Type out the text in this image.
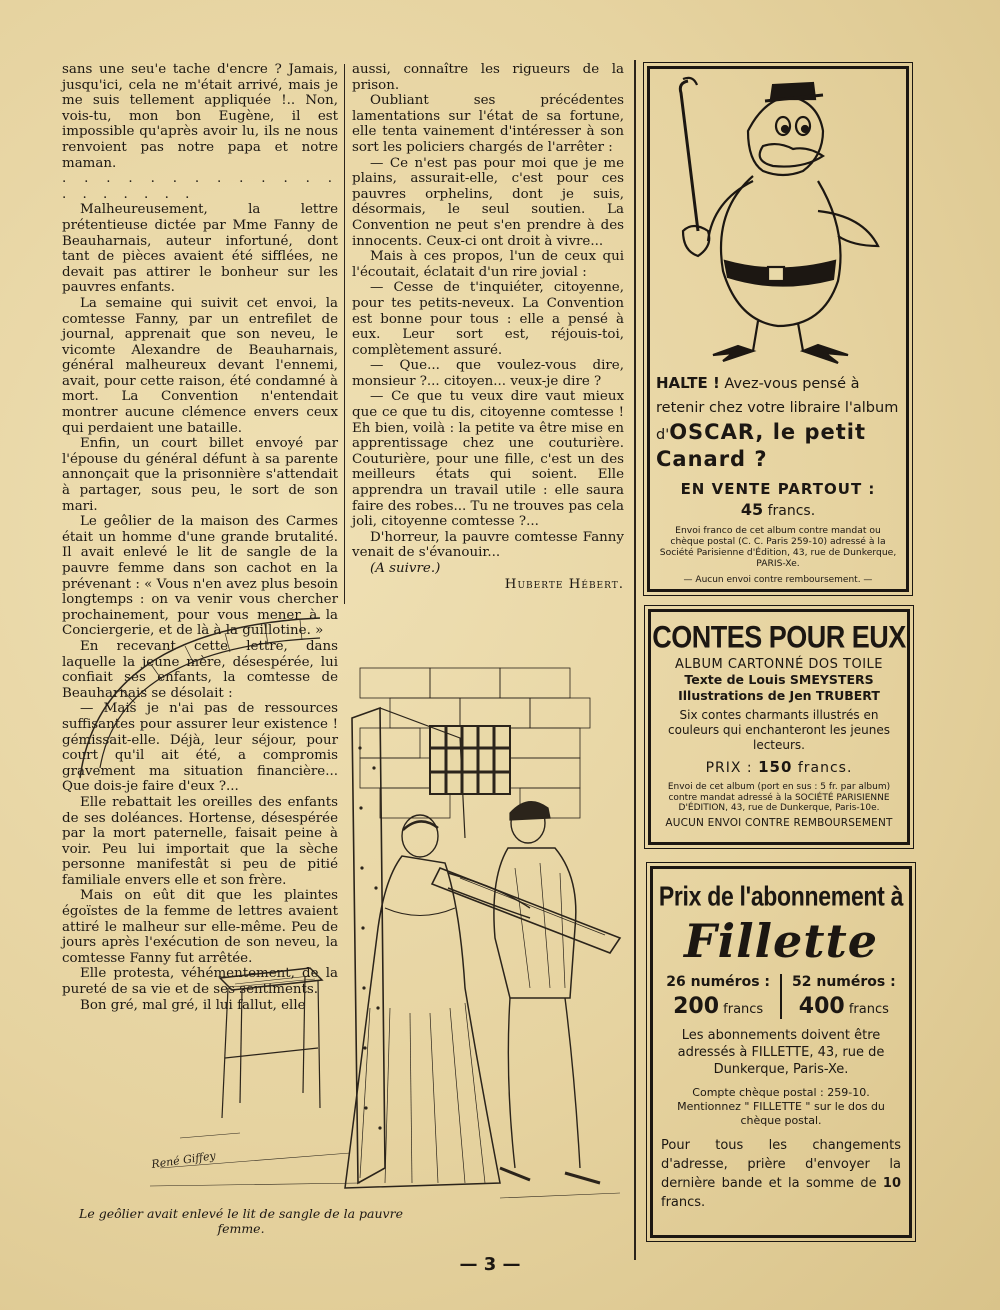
sans une seu'e tache d'encre ? Jamais, jusqu'ici, cela ne m'était arrivé, mais je me suis tellement appliquée !.. Non, vois-tu, mon bon Eugène, il est impossible qu'après avoir lu, ils ne nous renvoient pas notre papa et notre maman.

. . . . . . . . . . . . . . . . . . . .

Malheureusement, la lettre prétentieuse dictée par Mme Fanny de Beauharnais, auteur infortuné, dont tant de pièces avaient été sifflées, ne devait pas attirer le bonheur sur les pauvres enfants.

La semaine qui suivit cet envoi, la comtesse Fanny, par un entrefilet de journal, apprenait que son neveu, le vicomte Alexandre de Beauharnais, général malheureux devant l'ennemi, avait, pour cette raison, été condamné à mort. La Convention n'entendait montrer aucune clémence envers ceux qui perdaient une bataille.

Enfin, un court billet envoyé par l'épouse du général défunt à sa parente annonçait que la prisonnière s'attendait à partager, sous peu, le sort de son mari.

Le geôlier de la maison des Carmes était un homme d'une grande brutalité. Il avait enlevé le lit de sangle de la pauvre femme dans son cachot en la prévenant : « Vous n'en avez plus besoin longtemps : on va venir vous chercher prochainement, pour vous mener à la Conciergerie, et de là à la guillotine. »

En recevant cette lettre, dans laquelle la jeune mère, désespérée, lui confiait ses enfants, la comtesse de Beauharnais se désolait :

— Mais je n'ai pas de ressources suffisantes pour assurer leur existence ! gémissait-elle. Déjà, leur séjour, pour court qu'il ait été, a compromis gravement ma situation financière... Que dois-je faire d'eux ?...

Elle rebattait les oreilles des enfants de ses doléances. Hortense, désespérée par la mort paternelle, faisait peine à voir. Peu lui importait que la sèche personne manifestât si peu de pitié familiale envers elle et son frère.

Mais on eût dit que les plaintes égoïstes de la femme de lettres avaient attiré le malheur sur elle-même. Peu de jours après l'exécution de son neveu, la comtesse Fanny fut arrêtée.

Elle protesta, véhémentement, de la pureté de sa vie et de ses sentiments.

Bon gré, mal gré, il lui fallut, elle

aussi, connaître les rigueurs de la prison.

Oubliant ses précédentes lamentations sur l'état de sa fortune, elle tenta vainement d'intéresser à son sort les policiers chargés de l'arrêter :

— Ce n'est pas pour moi que je me plains, assurait-elle, c'est pour ces pauvres orphelins, dont je suis, désormais, le seul soutien. La Convention ne peut s'en prendre à des innocents. Ceux-ci ont droit à vivre...

Mais à ces propos, l'un de ceux qui l'écoutait, éclatait d'un rire jovial :

— Cesse de t'inquiéter, citoyenne, pour tes petits-neveux. La Convention est bonne pour tous : elle a pensé à eux. Leur sort est, réjouis-toi, complètement assuré.

— Que... que voulez-vous dire, monsieur ?... citoyen... veux-je dire ?

— Ce que tu veux dire vaut mieux que ce que tu dis, citoyenne comtesse ! Eh bien, voilà : la petite va être mise en apprentissage chez une couturière. Couturière, pour une fille, c'est un des meilleurs états qui soient. Elle apprendra un travail utile : elle saura faire des robes... Tu ne trouves pas cela joli, citoyenne comtesse ?...

D'horreur, la pauvre comtesse Fanny venait de s'évanouir...

(A suivre.)

Huberte Hébert.

René Giffey
Le geôlier avait enlevé le lit de sangle de la pauvre femme.
— 3 —
HALTE ! Avez-vous pensé à retenir chez votre libraire l'album d'OSCAR, le petit Canard ?
EN VENTE PARTOUT :
45 francs.
Envoi franco de cet album contre mandat ou chèque postal (C. C. Paris 259-10) adressé à la Société Parisienne d'Édition, 43, rue de Dunkerque, PARIS-Xe.
— Aucun envoi contre remboursement. —
CONTES POUR EUX
ALBUM CARTONNÉ DOS TOILE
Texte de Louis SMEYSTERS
Illustrations de Jen TRUBERT
Six contes charmants illustrés en couleurs qui enchanteront les jeunes lecteurs.
PRIX : 150 francs.
Envoi de cet album (port en sus : 5 fr. par album) contre mandat adressé à la SOCIÉTÉ PARISIENNE D'ÉDITION, 43, rue de Dunkerque, Paris-10e.
AUCUN ENVOI CONTRE REMBOURSEMENT
Prix de l'abonnement à
Fillette
26 numéros :
200 francs
52 numéros :
400 francs
Les abonnements doivent être adressés à FILLETTE, 43, rue de Dunkerque, Paris-Xe.
Compte chèque postal : 259-10. Mentionnez " FILLETTE " sur le dos du chèque postal.
Pour tous les changements d'adresse, prière d'envoyer la dernière bande et la somme de 10 francs.
